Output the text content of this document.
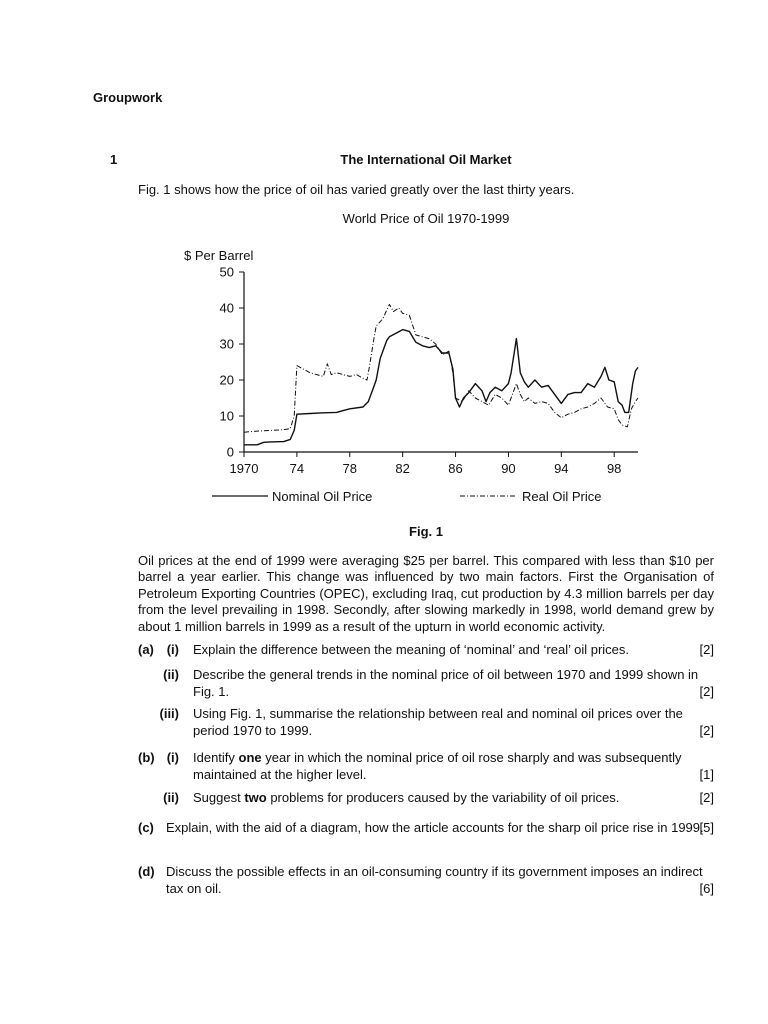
Groupwork
1	The International Oil Market
Fig. 1 shows how the price of oil has varied greatly over the last thirty years.
World Price of Oil 1970-1999
$ Per Barrel
0
10
20
30
40
50
1970 74	78	82	86	90	94	98
Nominal Oil Price	Real Oil Price
Fig. 1
Oil prices at the end of 1999 were averaging $25 per barrel. This compared with less than $10 per barrel a year earlier. This change was influenced by two main factors. First the Organisation of Petroleum Exporting Countries (OPEC), excluding Iraq, cut production by 4.3 million barrels per day from the level prevailing in 1998. Secondly, after slowing markedly in 1998, world demand grew by about 1 million barrels in 1999 as a result of the upturn in world economic activity.
(a) (i) Explain the difference between the meaning of ‘nominal’ and ‘real’ oil prices.	[2]
(ii) Describe the general trends in the nominal price of oil between 1970 and 1999 shown in
Fig. 1.	[2]
(iii) Using Fig. 1, summarise the relationship between real and nominal oil prices over the
period 1970 to 1999.	[2]
(b) (i) Identify one year in which the nominal price of oil rose sharply and was subsequently
maintained at the higher level.	[1]
(ii) Suggest two problems for producers caused by the variability of oil prices.	[2]
(c) Explain, with the aid of a diagram, how the article accounts for the sharp oil price rise in 1999.
[5]
(d) Discuss the possible effects in an oil-consuming country if its government imposes an indirect
tax on oil.	[6]
